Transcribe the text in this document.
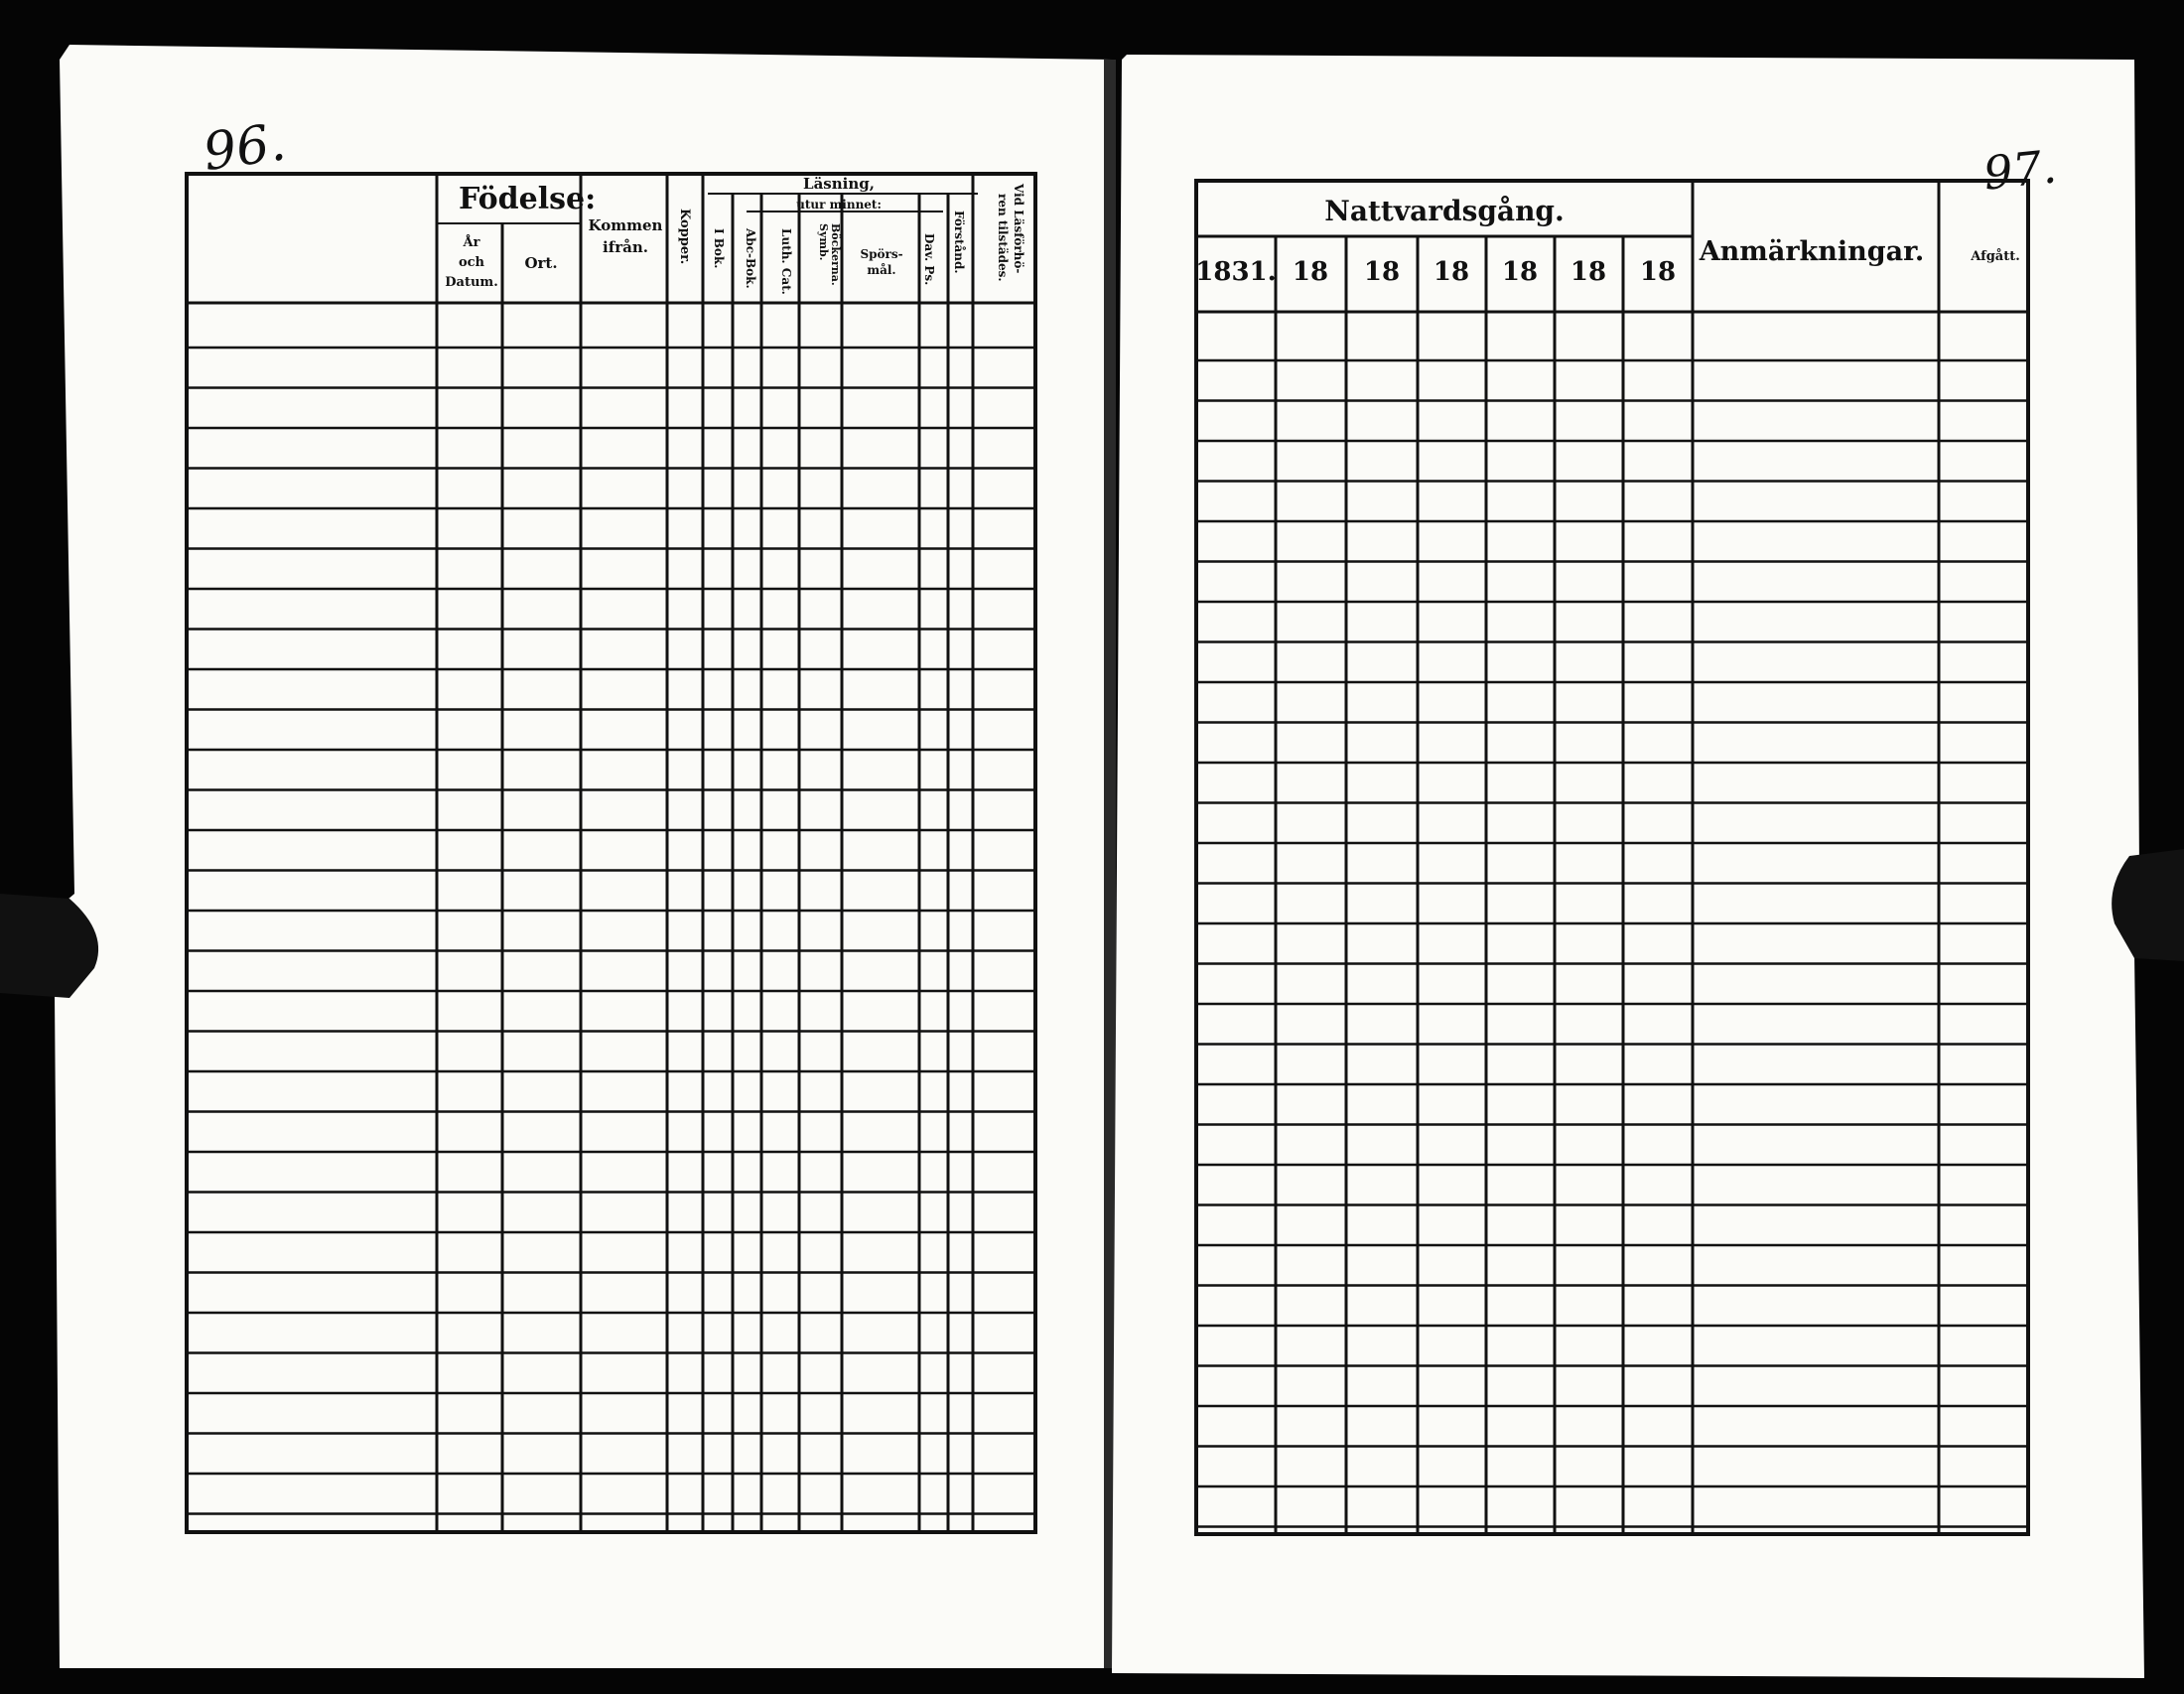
96.
Födelse:
År
och
Datum.
Ort.
Kommen
ifrån. Kopper.
Läsning,
utur minnet:
I Bok. Abc-Bok. Luth. Cat. Symb. Böckerna. Spörs-
mål. Dav. Ps. Förstånd.	Vid Läsförhö-
ren tilstädes.
97.
Nattvardsgång.
1831. 18 18 18 18 18 18
Anmärkningar.	Afgått.
